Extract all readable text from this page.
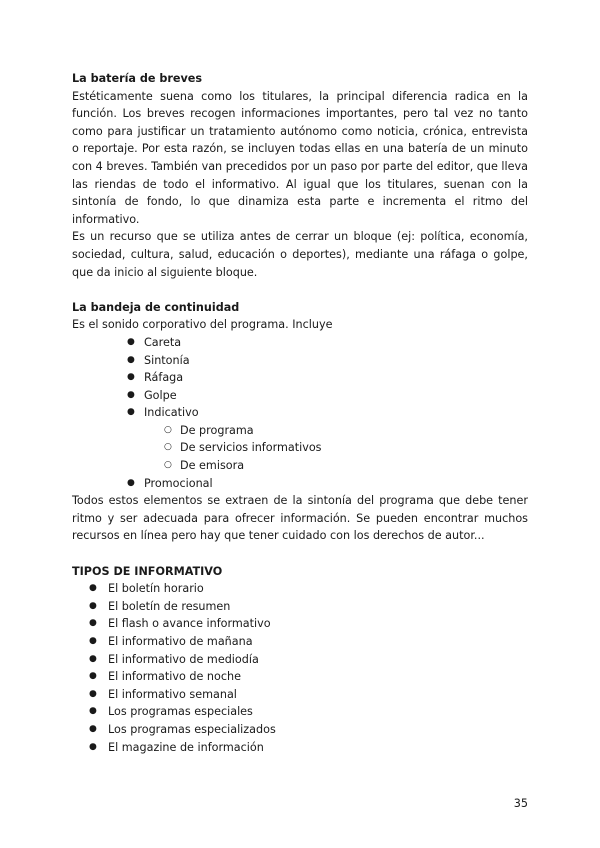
La batería de breves

Estéticamente suena como los titulares, la principal diferencia radica en la función. Los breves recogen informaciones importantes, pero tal vez no tanto como para justificar un tratamiento autónomo como noticia, crónica, entrevista o reportaje. Por esta razón, se incluyen todas ellas en una batería de un minuto con 4 breves. También van precedidos por un paso por parte del editor, que lleva las riendas de todo el informativo. Al igual que los titulares, suenan con la sintonía de fondo, lo que dinamiza esta parte e incrementa el ritmo del informativo.

Es un recurso que se utiliza antes de cerrar un bloque (ej: política, economía, sociedad, cultura, salud, educación o deportes), mediante una ráfaga o golpe, que da inicio al siguiente bloque.

La bandeja de continuidad

Es el sonido corporativo del programa. Incluye

● Careta
● Sintonía
● Ráfaga
● Golpe
● Indicativo
○ De programa
○ De servicios informativos
○ De emisora
● Promocional

Todos estos elementos se extraen de la sintonía del programa que debe tener ritmo y ser adecuada para ofrecer información. Se pueden encontrar muchos recursos en línea pero hay que tener cuidado con los derechos de autor...

TIPOS DE INFORMATIVO

● El boletín horario
● El boletín de resumen
● El flash o avance informativo
● El informativo de mañana
● El informativo de mediodía
● El informativo de noche
● El informativo semanal
● Los programas especiales
● Los programas especializados
● El magazine de información
35
